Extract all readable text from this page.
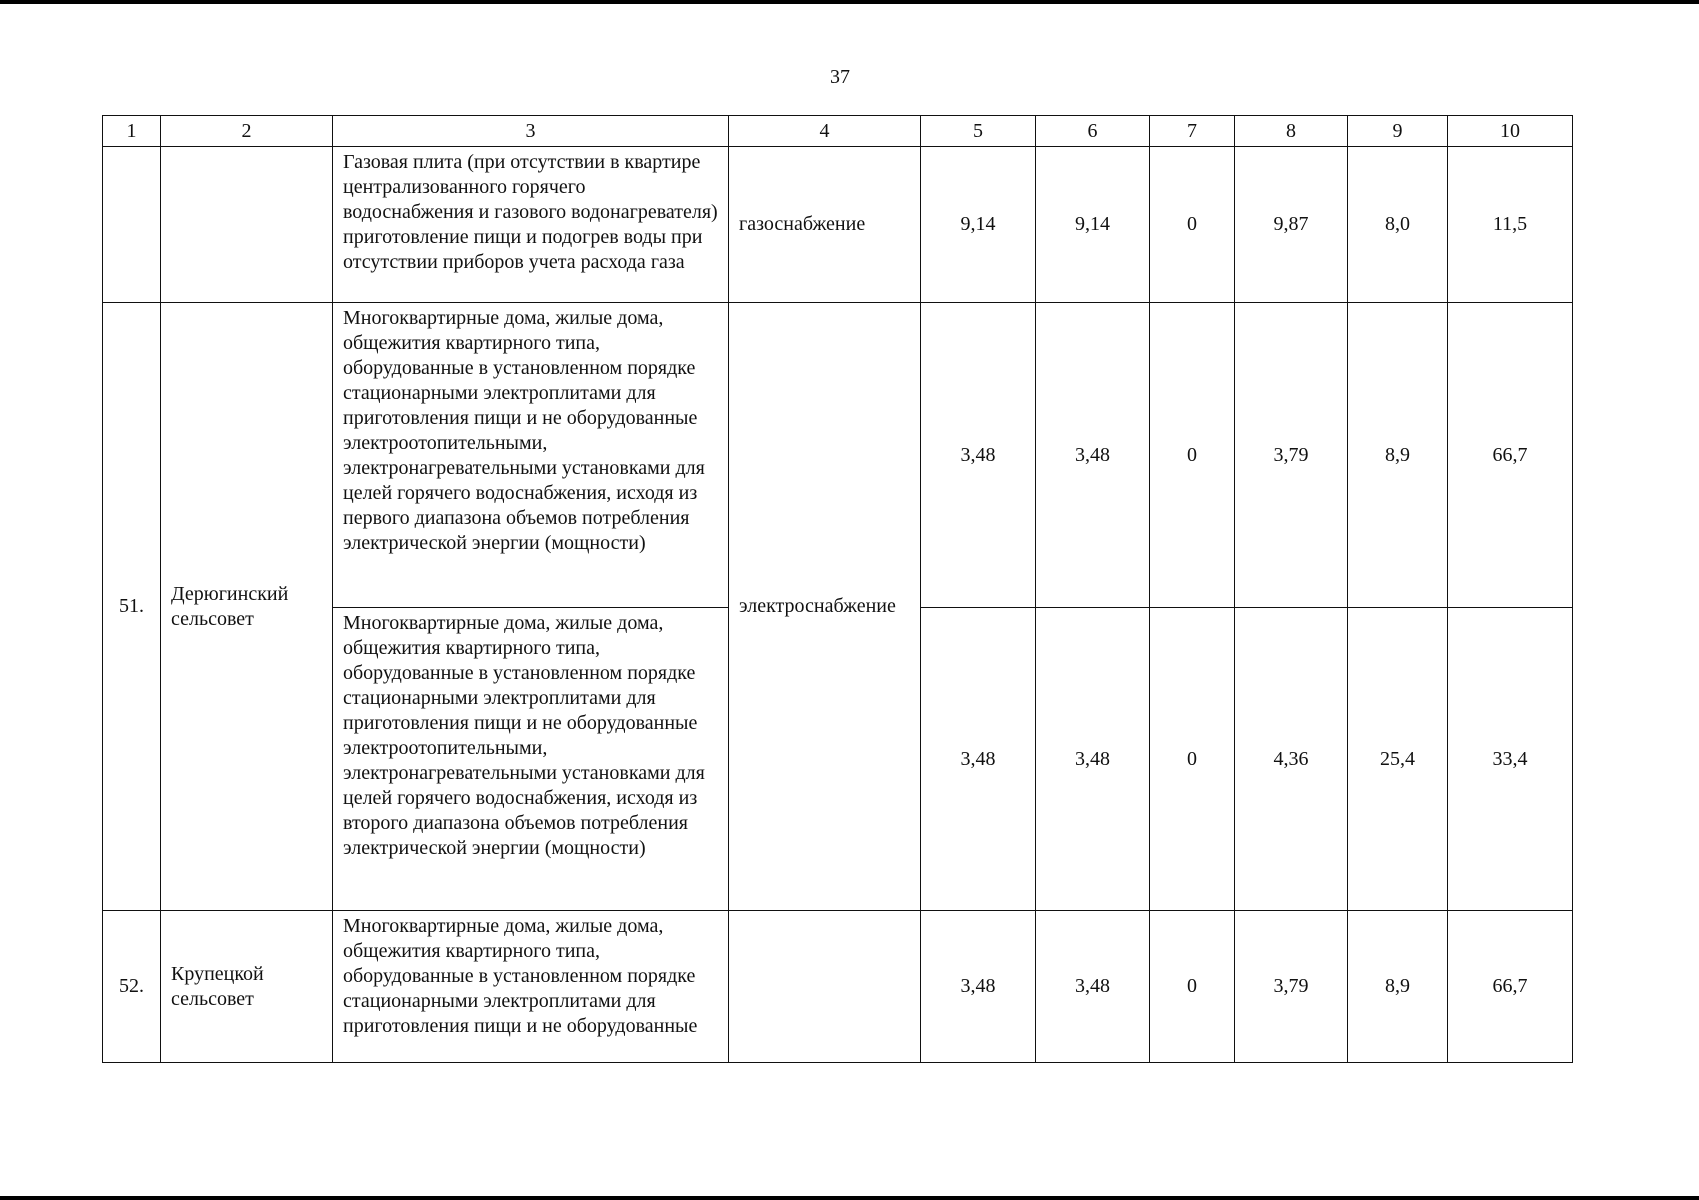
37
1	2	3	4	5	6	7	8	9	10
		Газовая плита (при отсутствии в квартире централизованного горячего водоснабжения и газового водонагревателя) приготовление пищи и подогрев воды при отсутствии приборов учета расхода газа	газоснабжение	9,14	9,14	0	9,87	8,0	11,5
51.	Дерюгинский сельсовет	Многоквартирные дома, жилые дома, общежития квартирного типа, оборудованные в установленном порядке стационарными электроплитами для приготовления пищи и не оборудованные электроотопительными, электронагревательными установками для целей горячего водоснабжения, исходя из первого диапазона объемов потребления электрической энергии (мощности)	электроснабжение	3,48	3,48	0	3,79	8,9	66,7
		Многоквартирные дома, жилые дома, общежития квартирного типа, оборудованные в установленном порядке стационарными электроплитами для приготовления пищи и не оборудованные электроотопительными, электронагревательными установками для целей горячего водоснабжения, исходя из второго диапазона объемов потребления электрической энергии (мощности)		3,48	3,48	0	4,36	25,4	33,4
52.	Крупецкой сельсовет	Многоквартирные дома, жилые дома, общежития квартирного типа, оборудованные в установленном порядке стационарными электроплитами для приготовления пищи и не оборудованные		3,48	3,48	0	3,79	8,9	66,7
